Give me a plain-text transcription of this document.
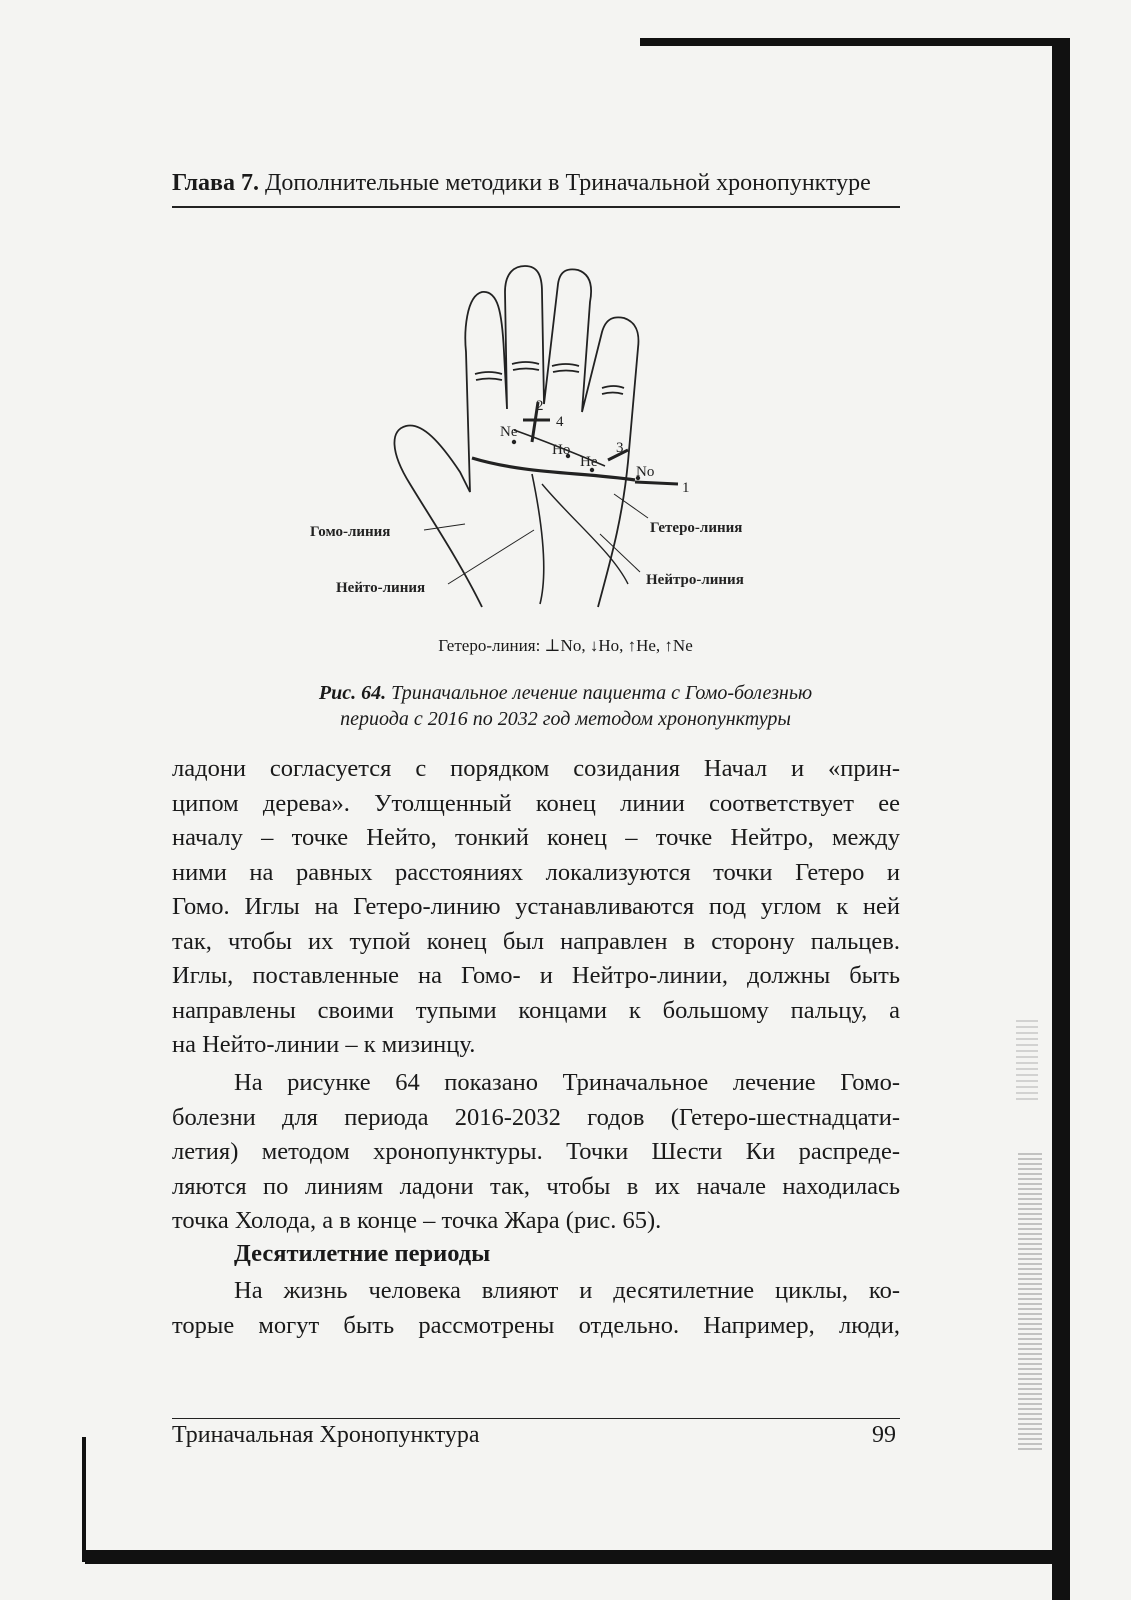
Глава 7. Дополнительные методики в Триначальной хронопунктуре
2
4
Ne
Ho
He
3
No
1
Гомо-линия
Нейто-линия
Гетеро-линия
Нейтро-линия
Гетеро-линия: ⊥No, ↓Ho, ↑He, ↑Ne
Рис. 64. Триначальное лечение пациента с Гомо-болезнью
периода с 2016 по 2032 год методом хронопунктуры
ладони согласуется с порядком созидания Начал и «прин-
ципом дерева». Утолщенный конец линии соответствует ее
началу – точке Нейто, тонкий конец – точке Нейтро, между
ними на равных расстояниях локализуются точки Гетеро и
Гомо. Иглы на Гетеро-линию устанавливаются под углом к ней
так, чтобы их тупой конец был направлен в сторону пальцев.
Иглы, поставленные на Гомо- и Нейтро-линии, должны быть
направлены своими тупыми концами к большому пальцу, а
на Нейто-линии – к мизинцу.
На рисунке 64 показано Триначальное лечение Гомо-
болезни для периода 2016-2032 годов (Гетеро-шестнадцати-
летия) методом хронопунктуры. Точки Шести Ки распреде-
ляются по линиям ладони так, чтобы в их начале находилась
точка Холода, а в конце – точка Жара (рис. 65).
Десятилетние периоды
На жизнь человека влияют и десятилетние циклы, ко-
торые могут быть рассмотрены отдельно. Например, люди,
Триначальная Хронопунктура	99
